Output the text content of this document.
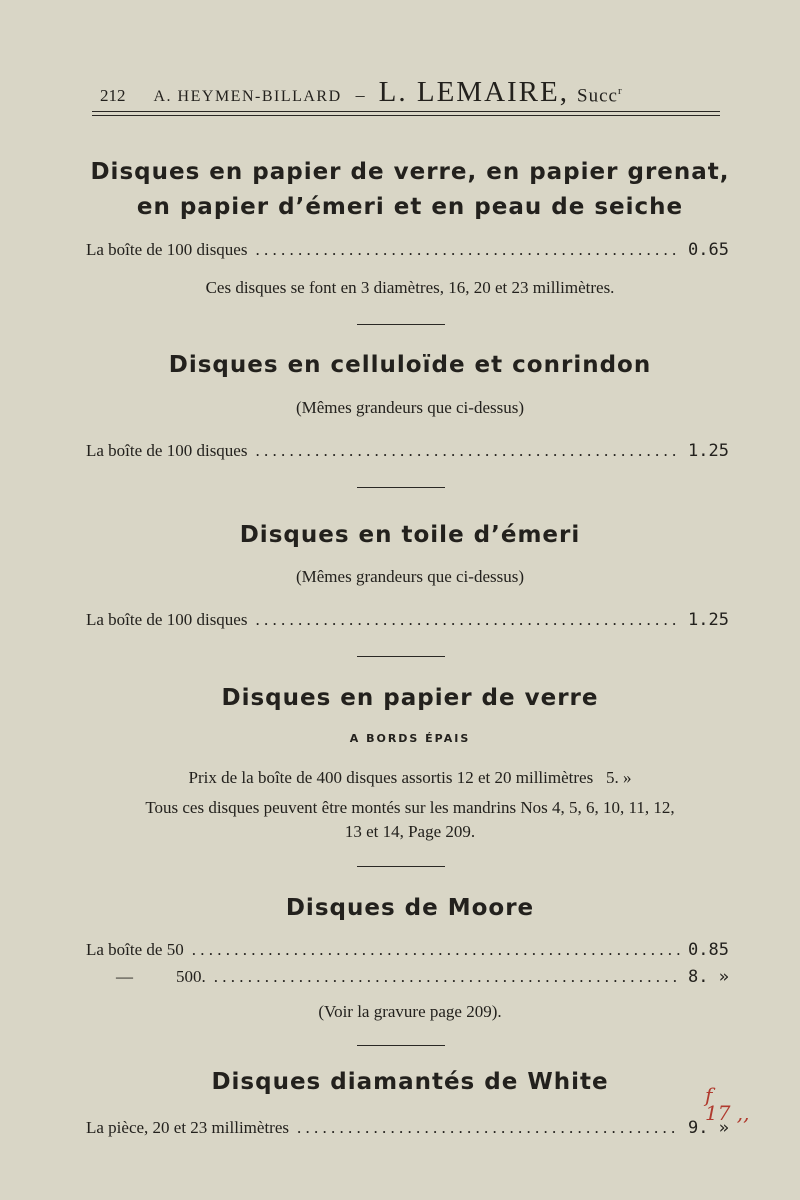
212 A. HEYMEN-BILLARD – L. LEMAIRE, Succ$^r$
Disques en papier de verre, en papier grenat,
en papier d’émeri et en peau de seiche
La boîte de 100 disques . . .	0.65
Ces disques se font en 3 diamètres, 16, 20 et 23 millimètres.
Disques en celluloïde et conrindon
(Mêmes grandeurs que ci-dessus)
La boîte de 100 disques . . .	1.25
Disques en toile d’émeri
(Mêmes grandeurs que ci-dessus)
La boîte de 100 disques . . .	1.25
Disques en papier de verre
A BORDS ÉPAIS
Prix de la boîte de 400 disques assortis 12 et 20 millimètres 5. »
Tous ces disques peuvent être montés sur les mandrins Nos 4, 5, 6, 10, 11, 12,
13 et 14, Page 209.
Disques de Moore
La boîte de 50 . . .	0.85
—	500. . . .	8. »
(Voir la gravure page 209).
Disques diamantés de White
La pièce, 20 et 23 millimètres . . .	9. »
f
17 ,,
